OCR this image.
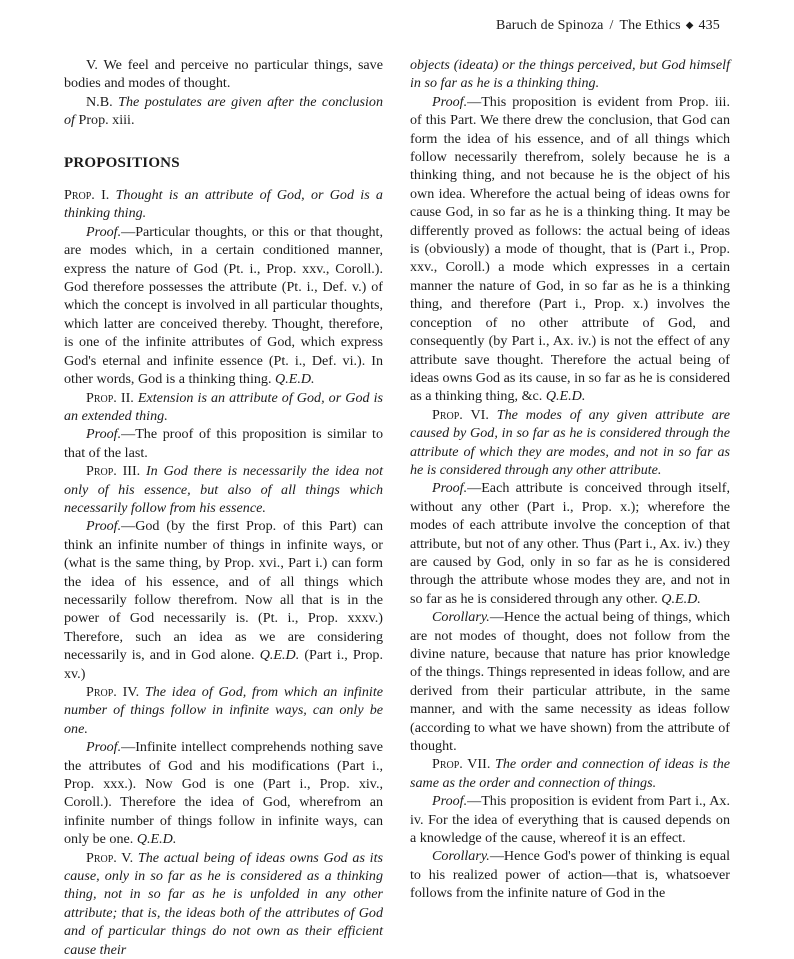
Baruch de Spinoza / The Ethics ◆ 435

V. We feel and perceive no particular things, save bodies and modes of thought.

N.B. The postulates are given after the conclusion of Prop. xiii.

PROPOSITIONS

Prop. I. Thought is an attribute of God, or God is a thinking thing.

Proof.—Particular thoughts, or this or that thought, are modes which, in a certain conditioned manner, express the nature of God (Pt. i., Prop. xxv., Coroll.). God therefore possesses the attribute (Pt. i., Def. v.) of which the concept is involved in all particular thoughts, which latter are conceived thereby. Thought, therefore, is one of the infinite attributes of God, which express God's eternal and infinite essence (Pt. i., Def. vi.). In other words, God is a thinking thing. Q.E.D.

Prop. II. Extension is an attribute of God, or God is an extended thing.

Proof.—The proof of this proposition is similar to that of the last.

Prop. III. In God there is necessarily the idea not only of his essence, but also of all things which necessarily follow from his essence.

Proof.—God (by the first Prop. of this Part) can think an infinite number of things in infinite ways, or (what is the same thing, by Prop. xvi., Part i.) can form the idea of his essence, and of all things which necessarily follow therefrom. Now all that is in the power of God necessarily is. (Pt. i., Prop. xxxv.) Therefore, such an idea as we are considering necessarily is, and in God alone. Q.E.D. (Part i., Prop. xv.)

Prop. IV. The idea of God, from which an infinite number of things follow in infinite ways, can only be one.

Proof.—Infinite intellect comprehends nothing save the attributes of God and his modifications (Part i., Prop. xxx.). Now God is one (Part i., Prop. xiv., Coroll.). Therefore the idea of God, wherefrom an infinite number of things follow in infinite ways, can only be one. Q.E.D.

Prop. V. The actual being of ideas owns God as its cause, only in so far as he is considered as a thinking thing, not in so far as he is unfolded in any other attribute; that is, the ideas both of the attributes of God and of particular things do not own as their efficient cause their

objects (ideata) or the things perceived, but God himself in so far as he is a thinking thing.

Proof.—This proposition is evident from Prop. iii. of this Part. We there drew the conclusion, that God can form the idea of his essence, and of all things which follow necessarily therefrom, solely because he is a thinking thing, and not because he is the object of his own idea. Wherefore the actual being of ideas owns for cause God, in so far as he is a thinking thing. It may be differently proved as follows: the actual being of ideas is (obviously) a mode of thought, that is (Part i., Prop. xxv., Coroll.) a mode which expresses in a certain manner the nature of God, in so far as he is a thinking thing, and therefore (Part i., Prop. x.) involves the conception of no other attribute of God, and consequently (by Part i., Ax. iv.) is not the effect of any attribute save thought. Therefore the actual being of ideas owns God as its cause, in so far as he is considered as a thinking thing, &c. Q.E.D.

Prop. VI. The modes of any given attribute are caused by God, in so far as he is considered through the attribute of which they are modes, and not in so far as he is considered through any other attribute.

Proof.—Each attribute is conceived through itself, without any other (Part i., Prop. x.); wherefore the modes of each attribute involve the conception of that attribute, but not of any other. Thus (Part i., Ax. iv.) they are caused by God, only in so far as he is considered through the attribute whose modes they are, and not in so far as he is considered through any other. Q.E.D.

Corollary.—Hence the actual being of things, which are not modes of thought, does not follow from the divine nature, because that nature has prior knowledge of the things. Things represented in ideas follow, and are derived from their particular attribute, in the same manner, and with the same necessity as ideas follow (according to what we have shown) from the attribute of thought.

Prop. VII. The order and connection of ideas is the same as the order and connection of things.

Proof.—This proposition is evident from Part i., Ax. iv. For the idea of everything that is caused depends on a knowledge of the cause, whereof it is an effect.

Corollary.—Hence God's power of thinking is equal to his realized power of action—that is, whatsoever follows from the infinite nature of God in the
